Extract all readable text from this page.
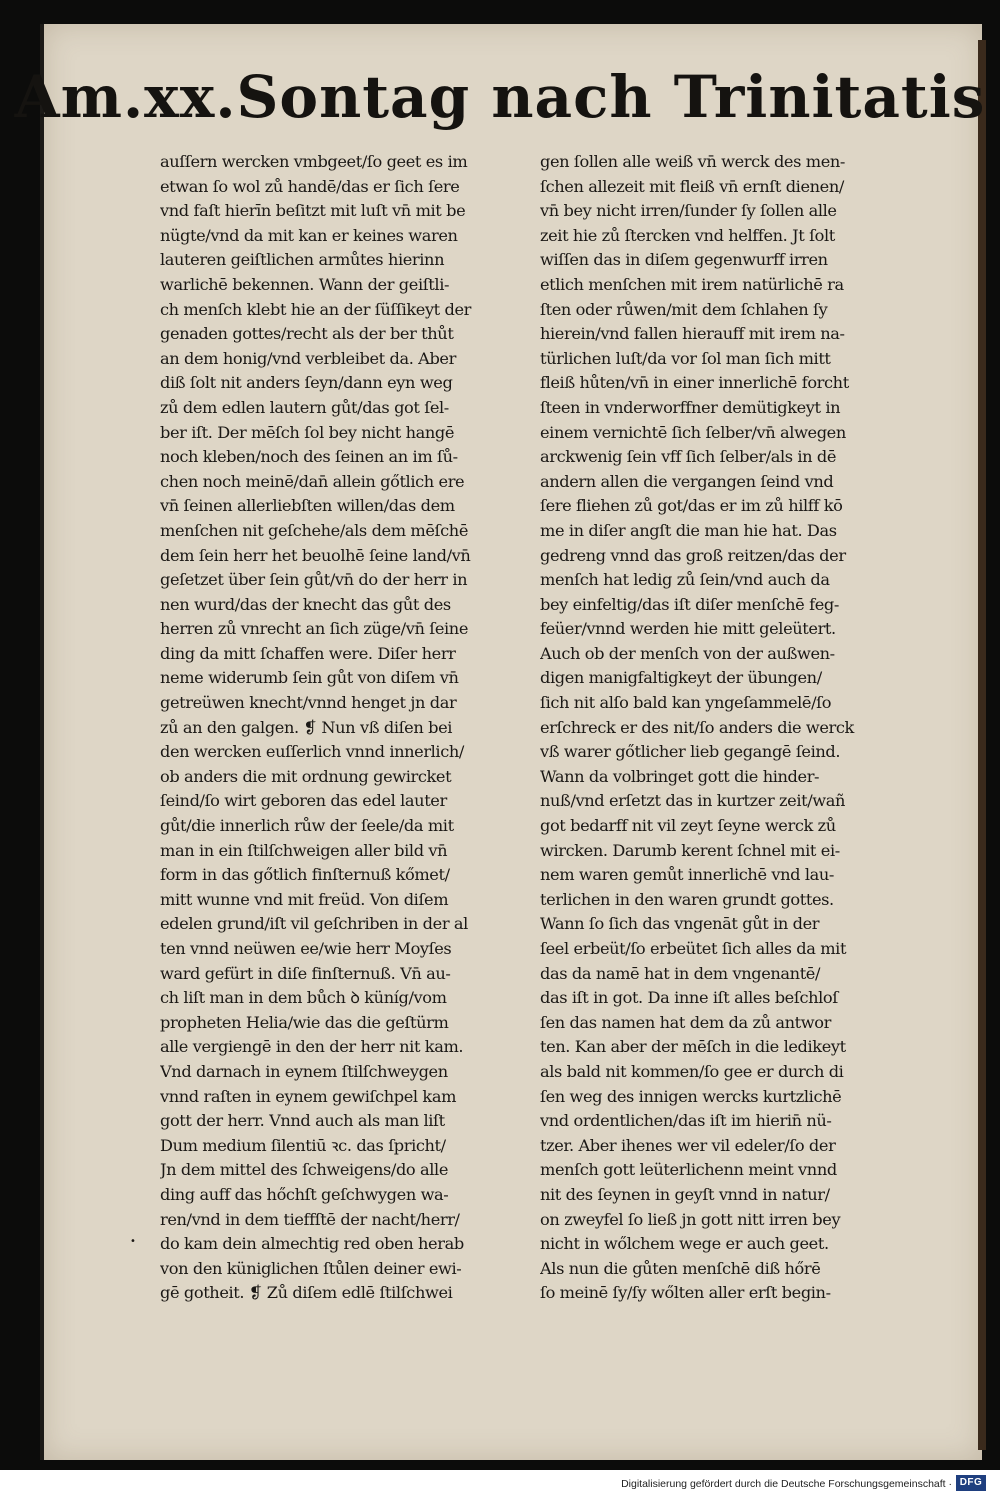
Am.xx.Sontag nach Trinitatis
auſſern wercken vmbgeet/ſo geet es im
etwan ſo wol zů handē/das er ſich ſere
vnd faſt hierīn beſitzt mit luſt vn̄ mit be
nügte/vnd da mit kan er keines waren
lauteren geiſtlichen armůtes hierinn
warlichē bekennen. Wann der geiſtli-
ch menſch klebt hie an der ſüſſikeyt der
genaden gottes/recht als der ber thůt
an dem honig/vnd verbleibet da. Aber
diß ſolt nit anders ſeyn/dann eyn weg
zů dem edlen lautern gůt/das got ſel-
ber iſt. Der mēſch ſol bey nicht hangē
noch kleben/noch des ſeinen an im ſů-
chen noch meinē/dan̄ allein gőtlich ere
vn̄ ſeinen allerliebſten willen/das dem
menſchen nit geſchehe/als dem mēſchē
dem ſein herr het beuolhē ſeine land/vn̄
geſetzet über ſein gůt/vn̄ do der herr in
nen wurd/das der knecht das gůt des
herren zů vnrecht an ſich züge/vn̄ ſeine
ding da mitt ſchaffen were. Diſer herr
neme widerumb ſein gůt von diſem vn̄
getreüwen knecht/vnnd henget jn dar
zů an den galgen. ❡ Nun vß diſen bei
den wercken euſſerlich vnnd innerlich/
ob anders die mit ordnung gewircket
ſeind/ſo wirt geboren das edel lauter
gůt/die innerlich růw der ſeele/da mit
man in ein ſtilſchweigen aller bild vn̄
form in das gőtlich finſternuß kőmet/
mitt wunne vnd mit freüd. Von diſem
edelen grund/iſt vil geſchriben in der al
ten vnnd neüwen ee/wie herr Moyſes
ward gefürt in diſe finſternuß. Vn̄ au-
ch liſt man in dem bůch ꝺ küníg/vom
propheten Helia/wie das die geſtürm
alle vergiengē in den der herr nit kam.
Vnd darnach in eynem ſtilſchweygen
vnnd raſten in eynem gewiſchpel kam
gott der herr. Vnnd auch als man liſt
Dum medium ſilentiū ꝛc. das ſpricht/
Jn dem mittel des ſchweigens/do alle
ding auff das hőchſt geſchwygen wa-
ren/vnd in dem tieffſtē der nacht/herr/
do kam dein almechtig red oben herab
von den küniglichen ſtůlen deiner ewi-
gē gotheit. ❡ Zů diſem edlē ſtilſchwei
gen ſollen alle weiß vn̄ werck des men-
ſchen allezeit mit fleiß vn̄ ernſt dienen/
vn̄ bey nicht irren/ſunder ſy ſollen alle
zeit hie zů ſtercken vnd helffen. Jt ſolt
wiſſen das in diſem gegenwurff irren
etlich menſchen mit irem natürlichē ra
ſten oder růwen/mit dem ſchlahen ſy
hierein/vnd fallen hierauff mit irem na-
türlichen luſt/da vor ſol man ſich mitt
fleiß hůten/vn̄ in einer innerlichē forcht
ſteen in vnderworffner demütigkeyt in
einem vernichtē ſich ſelber/vn̄ alwegen
arckwenig ſein vff ſich ſelber/als in dē
andern allen die vergangen ſeind vnd
ſere fliehen zů got/das er im zů hilff kō
me in diſer angſt die man hie hat. Das
gedreng vnnd das groß reitzen/das der
menſch hat ledig zů ſein/vnd auch da
bey einfeltig/das iſt diſer menſchē feg-
feüer/vnnd werden hie mitt geleütert.
Auch ob der menſch von der außwen-
digen manigfaltigkeyt der übungen/
ſich nit alſo bald kan yngeſammelē/ſo
erſchreck er des nit/ſo anders die werck
vß warer gőtlicher lieb gegangē ſeind.
Wann da volbringet gott die hinder-
nuß/vnd erſetzt das in kurtzer zeit/wañ
got bedarff nit vil zeyt ſeyne werck zů
wircken. Darumb kerent ſchnel mit ei-
nem waren gemůt innerlichē vnd lau-
terlichen in den waren grundt gottes.
Wann ſo ſich das vngenāt gůt in der
ſeel erbeüt/ſo erbeütet ſich alles da mit
das da namē hat in dem vngenantē/
das iſt in got. Da inne iſt alles beſchloſ
ſen das namen hat dem da zů antwor
ten. Kan aber der mēſch in die ledikeyt
als bald nit kommen/ſo gee er durch di
ſen weg des innigen wercks kurtzlichē
vnd ordentlichen/das iſt im hierin̄ nü-
tzer. Aber ihenes wer vil edeler/ſo der
menſch gott leüterlichenn meint vnnd
nit des ſeynen in geyſt vnnd in natur/
on zweyfel ſo ließ jn gott nitt irren bey
nicht in wőlchem wege er auch geet.
Als nun die gůten menſchē diß hőrē
ſo meinē ſy/ſy wőlten aller erſt begin-
•
Digitalisierung gefördert durch die Deutsche Forschungsgemeinschaft · DFG
